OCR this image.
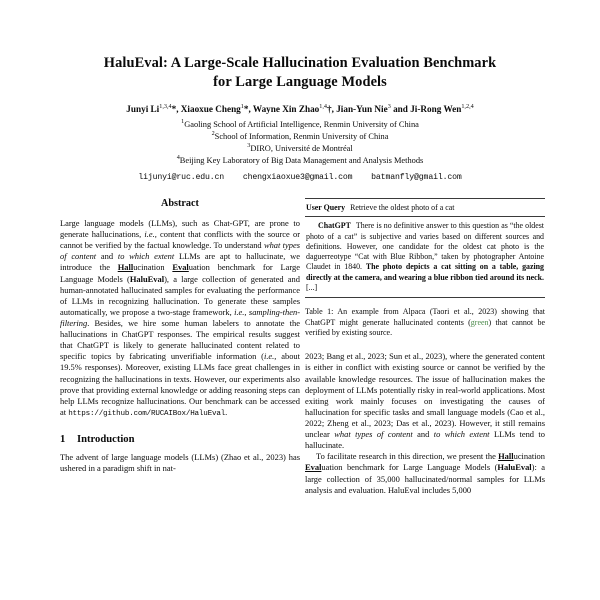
HaluEval: A Large-Scale Hallucination Evaluation Benchmark
for Large Language Models
Junyi Li$^{1,3,4}$*, Xiaoxue Cheng$^1$*, Wayne Xin Zhao$^{1,4}$†, Jian-Yun Nie$^3$ and Ji-Rong Wen$^{1,2,4}$
$^1$Gaoling School of Artificial Intelligence, Renmin University of China
$^2$School of Information, Renmin University of China
$^3$DIRO, Université de Montréal
$^4$Beijing Key Laboratory of Big Data Management and Analysis Methods
lijunyi@ruc.edu.cn chengxiaoxue3@gmail.com batmanfly@gmail.com
Abstract

Large language models (LLMs), such as Chat-GPT, are prone to generate hallucinations, i.e., content that conflicts with the source or cannot be verified by the factual knowledge. To understand what types of content and to which extent LLMs are apt to hallucinate, we introduce the Hallucination Evaluation benchmark for Large Language Models (HaluEval), a large collection of generated and human-annotated hallucinated samples for evaluating the performance of LLMs in recognizing hallucination. To generate these samples automatically, we propose a two-stage framework, i.e., sampling-then-filtering. Besides, we hire some human labelers to annotate the hallucinations in ChatGPT responses. The empirical results suggest that ChatGPT is likely to generate hallucinated content related to specific topics by fabricating unverifiable information (i.e., about 19.5% responses). Moreover, existing LLMs face great challenges in recognizing the hallucinations in texts. However, our experiments also prove that providing external knowledge or adding reasoning steps can help LLMs recognize hallucinations. Our benchmark can be accessed at https://github.com/RUCAIBox/HaluEval.

1 Introduction

The advent of large language models (LLMs) (Zhao et al., 2023) has ushered in a paradigm shift in nat-

User Query Retrieve the oldest photo of a cat
ChatGPT There is no definitive answer to this question as “the oldest photo of a cat” is subjective and varies based on different sources and definitions. However, one candidate for the oldest cat photo is the daguerreotype “Cat with Blue Ribbon,” taken by photographer Antoine Claudet in 1840. The photo depicts a cat sitting on a table, gazing directly at the camera, and wearing a blue ribbon tied around its neck. [...]
Table 1: An example from Alpaca (Taori et al., 2023) showing that ChatGPT might generate hallucinated contents (green) that cannot be verified by existing source.

2023; Bang et al., 2023; Sun et al., 2023), where the generated content is either in conflict with existing source or cannot be verified by the available knowledge resources. The issue of hallucination makes the deployment of LLMs potentially risky in real-world applications. Most exiting work mainly focuses on investigating the causes of hallucination for specific tasks and small language models (Cao et al., 2022; Zheng et al., 2023; Das et al., 2023). However, it still remains unclear what types of content and to which extent LLMs tend to hallucinate.

To facilitate research in this direction, we present the Hallucination Evaluation benchmark for Large Language Models (HaluEval): a large collection of 35,000 hallucinated/normal samples for LLMs analysis and evaluation. HaluEval includes 5,000
